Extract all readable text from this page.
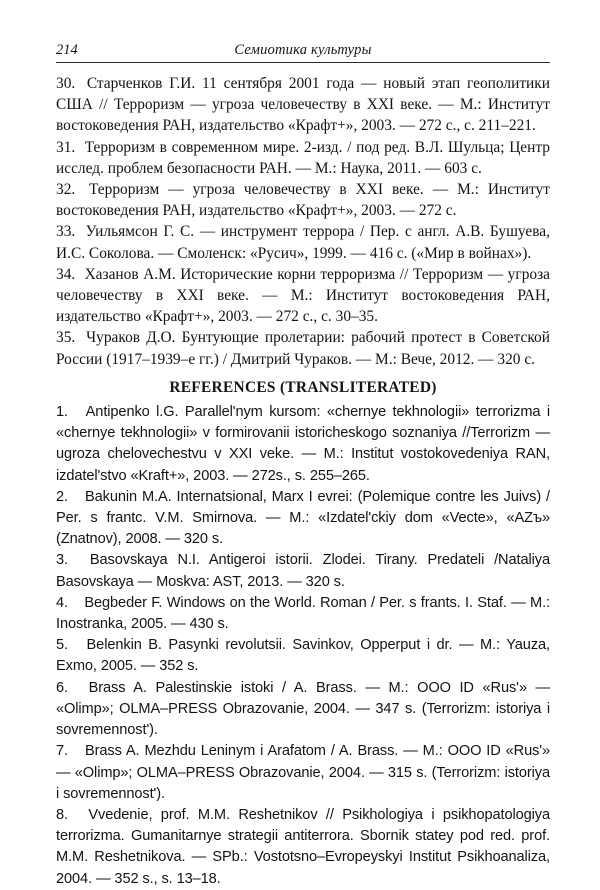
214	Семиотика культуры
30. Старченков Г.И. 11 сентября 2001 года — новый этап геополитики США // Терроризм — угроза человечеству в XXI веке. — М.: Институт востоковедения РАН, издательство «Крафт+», 2003. — 272 с., с. 211–221.
31. Терроризм в современном мире. 2-изд. / под ред. В.Л. Шульца; Центр исслед. проблем безопасности РАН. — М.: Наука, 2011. — 603 с.
32. Терроризм — угроза человечеству в XXI веке. — М.: Институт востоковедения РАН, издательство «Крафт+», 2003. — 272 с.
33. Уильямсон Г. С. — инструмент террора / Пер. с англ. А.В. Бушуева, И.С. Соколова. — Смоленск: «Русич», 1999. — 416 с. («Мир в войнах»).
34. Хазанов А.М. Исторические корни терроризма // Терроризм — угроза человечеству в XXI веке. — М.: Институт востоковедения РАН, издательство «Крафт+», 2003. — 272 с., с. 30–35.
35. Чураков Д.О. Бунтующие пролетарии: рабочий протест в Советской России (1917–1939–е гг.) / Дмитрий Чураков. — М.: Вече, 2012. — 320 с.
REFERENCES (TRANSLITERATED)
1. Antipenko l.G. Parallel'nym kursom: «chernye tekhnologii» terrorizma i «chernye tekhnologii» v formirovanii istoricheskogo soznaniya //Terrorizm — ugroza chelovechestvu v XXI veke. — M.: Institut vostokovedeniya RAN, izdatel'stvo «Kraft+», 2003. — 272s., s. 255–265.
2. Bakunin M.A. Internatsional, Marx I evrei: (Polemique contre les Juivs) / Per. s frantc. V.M. Smirnova. — M.: «Izdatel'ckiy dom «Vecte», «AZъ» (Znatnov), 2008. — 320 s.
3. Basovskaya N.I. Antigeroi istorii. Zlodei. Tirany. Predateli /Nataliya Basovskaya — Moskva: AST, 2013. — 320 s.
4. Begbeder F. Windows on the World. Roman / Per. s frants. I. Staf. — M.: Inostranka, 2005. — 430 s.
5. Belenkin B. Pasynki revolutsii. Savinkov, Opperput i dr. — M.: Yauza, Exmo, 2005. — 352 s.
6. Brass A. Palestinskie istoki / A. Brass. — M.: OOO ID «Rus'» — «Olimp»; OLMA–PRESS Obrazovanie, 2004. — 347 s. (Terrorizm: istoriya i sovremennost').
7. Brass A. Mezhdu Leninym i Arafatom / A. Brass. — M.: OOO ID «Rus'» — «Olimp»; OLMA–PRESS Obrazovanie, 2004. — 315 s. (Terrorizm: istoriya i sovremennost').
8. Vvedenie, prof. M.M. Reshetnikov // Psikhologiya i psikhopatologiya terrorizma. Gumanitarnye strategii antiterrora. Sbornik statey pod red. prof. M.M. Reshetnikova. — SPb.: Vostotsno–Evropeyskyi Institut Psikhoanaliza, 2004. — 352 s., s. 13–18.
